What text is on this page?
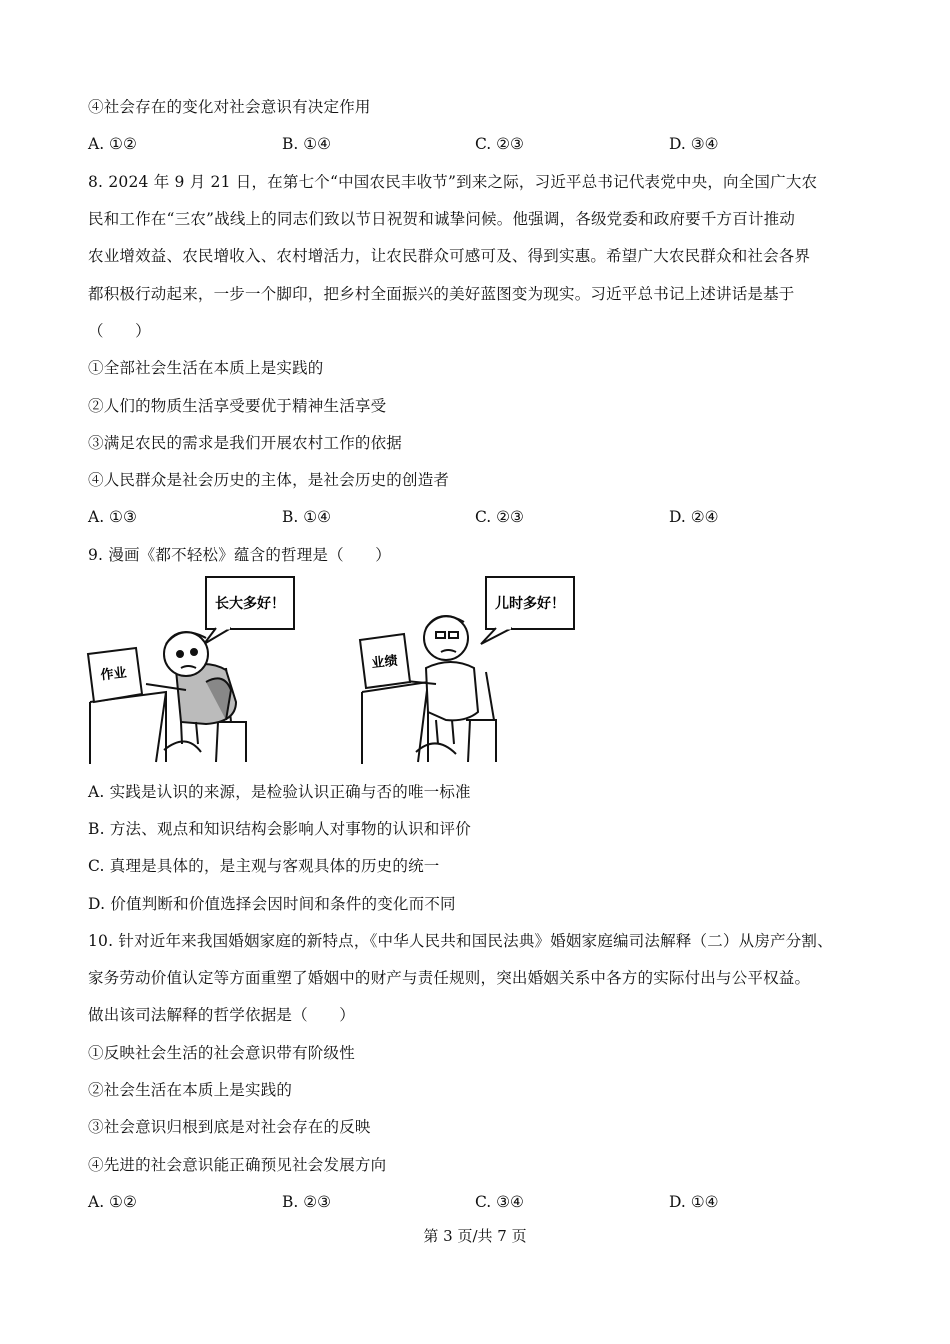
④社会存在的变化对社会意识有决定作用
A. ①②	B. ①④	C. ②③	D. ③④
8. 2024 年 9 月 21 日，在第七个“中国农民丰收节”到来之际，习近平总书记代表党中央，向全国广大农
民和工作在“三农”战线上的同志们致以节日祝贺和诚挚问候。他强调，各级党委和政府要千方百计推动
农业增效益、农民增收入、农村增活力，让农民群众可感可及、得到实惠。希望广大农民群众和社会各界
都积极行动起来，一步一个脚印，把乡村全面振兴的美好蓝图变为现实。习近平总书记上述讲话是基于
（　　）
①全部社会生活在本质上是实践的
②人们的物质生活享受要优于精神生活享受
③满足农民的需求是我们开展农村工作的依据
④人民群众是社会历史的主体，是社会历史的创造者
A. ①③	B. ①④	C. ②③	D. ②④
9. 漫画《都不轻松》蕴含的哲理是（　　）
长大多好！
作业
儿时多好！
业绩
A. 实践是认识的来源，是检验认识正确与否的唯一标准
B. 方法、观点和知识结构会影响人对事物的认识和评价
C. 真理是具体的，是主观与客观具体的历史的统一
D. 价值判断和价值选择会因时间和条件的变化而不同
10. 针对近年来我国婚姻家庭的新特点，《中华人民共和国民法典》婚姻家庭编司法解释（二）从房产分割、
家务劳动价值认定等方面重塑了婚姻中的财产与责任规则，突出婚姻关系中各方的实际付出与公平权益。
做出该司法解释的哲学依据是（　　）
①反映社会生活的社会意识带有阶级性
②社会生活在本质上是实践的
③社会意识归根到底是对社会存在的反映
④先进的社会意识能正确预见社会发展方向
A. ①②	B. ②③	C. ③④	D. ①④
第 3 页/共 7 页
